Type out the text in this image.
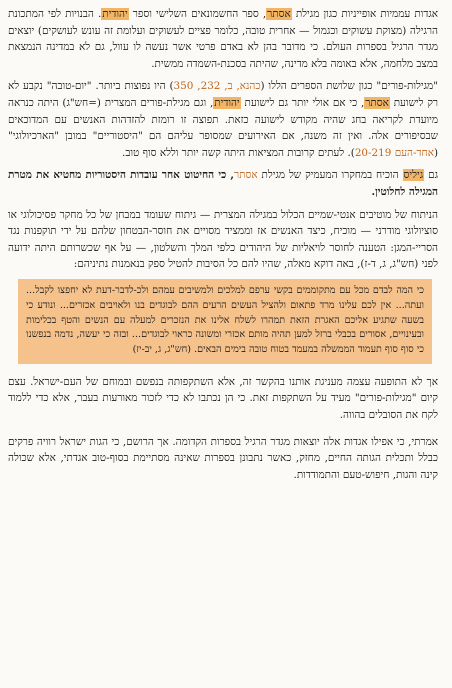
אגדות עממיות אופייניות כגון מגילת אסתר, ספר החשמונאים השלישי וספר יהודית. הבנויות לפי המתכונת הרגילה (מצוקת עשוקים וכגמול — אחרית טובה, כלומר פציים לעשוקים ועלומת זה עונש לעושקים) יוצאים מגדר הרגיל בספרות העולם. כי מדובר בהן לא באדם פרטי אשר נעשה לו עוול, גם לא במדינה הנמצאת במצב מלחמה, אלא באומה בלא מדינה, שהיתה בסכנת-השמדה ממשית.

"מגילות-פורים" כגון שלושת הספרים הללו (כהנא, ב, 232, 350) היו נפוצות ביותר. "יום-טובה" נקבע לא רק לישועת אסתר, כי אם אולי יותר גם לישועת יהודית, וגם מגילת-פורים המצרית (=חש"ג) היתה כנראה מיועדת לקריאה בחג שהיה מקודש לישועה כזאת. תפוצה זו רומזת להזדהות האנשים עם המדוכאים שבסיפורים אלה. ואין זה משנה, אם האירועים שמסופר עליהם הם "היסטוריים" במובן "הארכיולוגי" (אחד-העם 20-219). לעתים קרובות המציאות היתה קשה יותר וללא סוף טוב.

גם גיליס הוכיח במחקרו המעמיק של מגילת אסתר, כי החיטוט אחר עובדות היסטוריות מחטיא את מטרת המגילה לחלוטין.

הניתוח של מוטיבים אנטי-שמיים הכלול במגילה המצרית — גיתוח שעומד במבחן של כל מחקר פסיכולוגי או סוציולוגי מודרני — מוכיח, כיצד האנשים אז וממציד מסויים את חוסר-הבטחון שלהם על ידי תוקפנות נגד הסריי-המגן: הטענה לחוסר לויאליות של היהודים כלפי המלך והשלטון, — על אף שכשרותם היתה ידועה לפני (חש"ג, ג, ד-ז), באה דוקא מאלה, שהיו להם כל הסיבות להטיל ספק בנאמנות נתיניהם:

כי המה לבדם מכל עם מתקוממים בקשי ערפם למלכים ולמשיבים עמהם ולכ-לדבר-דעת לא יחפצו לקבל... ועתה... אין לכם עלינו מרד פתאום ולהציל העשים הרעים ההם לבוגדים בנו ולאויבים אכזרים... ונודע כי בשעה שתגיע אליכם האגרת הזאת תמהרו לשלח אלינו את הנזכרים למעלה עם הנשים והטף בכלימות ובעינויים, אסורים בכבלי ברזל למען תהיה מותם אכזרי ומשונה כראוי לבוגדים... ובזה כי יעשה, נדמה בנפשנו כי סוף סוף תעמוד הממשלה במעמד בטוח טובה בימים הבאים. (חש"ג, ג, יב-יז)

אך לא התופעה עצמה מעניגת אותנו בהקשר זה, אלא השתקפותה בנפשם ובמוחם של העם-ישראל. עצם קיום "מגילות-פורים" מעיד על השתקפות זאת. כי הן נכתבו לא כדי לזכור מאורעות בעבר, אלא כדי ללמוד לקח את הסובלים בהווה.

אמרתי, כי אפילו אגדות אלה יוצאות מגדר הרגיל בספרות הקדומה. אך הרושם, כי הגות ישראל רוויה פרקים כבלל ותכלית הגותה החיים, מחזק, כאשר נתבונן בספרות שאינה מסתיימת בסוף-טוב אגדתי, אלא שכולה קינה והגות, חיפוש-טעם והתמודדות.
